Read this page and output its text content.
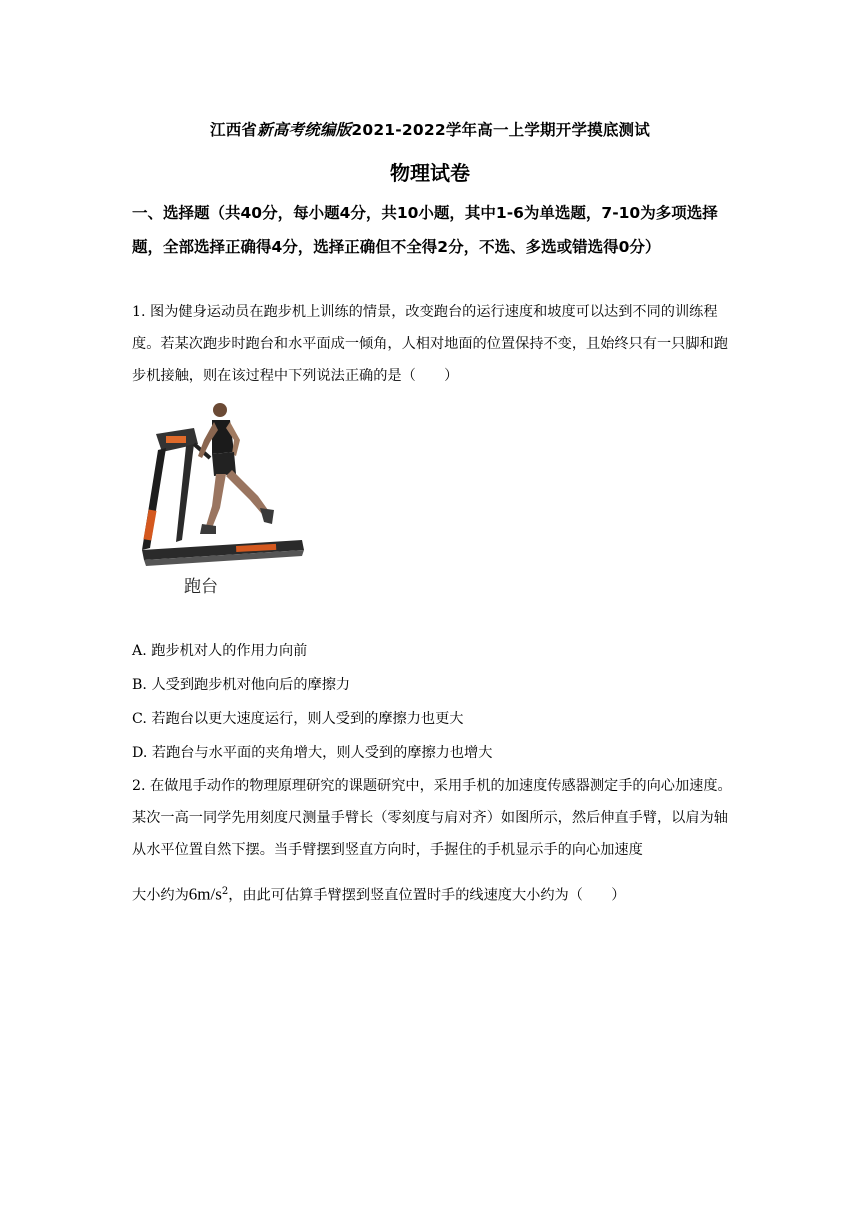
江西省新高考统编版2021-2022学年高一上学期开学摸底测试
物理试卷
一、选择题（共40分，每小题4分，共10小题，其中1-6为单选题，7-10为多项选择题，全部选择正确得4分，选择正确但不全得2分，不选、多选或错选得0分）
1. 图为健身运动员在跑步机上训练的情景，改变跑台的运行速度和坡度可以达到不同的训练程度。若某次跑步时跑台和水平面成一倾角，人相对地面的位置保持不变，且始终只有一只脚和跑步机接触，则在该过程中下列说法正确的是（　　）
跑台
A. 跑步机对人的作用力向前
B. 人受到跑步机对他向后的摩擦力
C. 若跑台以更大速度运行，则人受到的摩擦力也更大
D. 若跑台与水平面的夹角增大，则人受到的摩擦力也增大
2. 在做甩手动作的物理原理研究的课题研究中，采用手机的加速度传感器测定手的向心加速度。某次一高一同学先用刻度尺测量手臂长（零刻度与肩对齐）如图所示，然后伸直手臂，以肩为轴从水平位置自然下摆。当手臂摆到竖直方向时，手握住的手机显示手的向心加速度
大小约为$6m/s^2$，由此可估算手臂摆到竖直位置时手的线速度大小约为（　　）
